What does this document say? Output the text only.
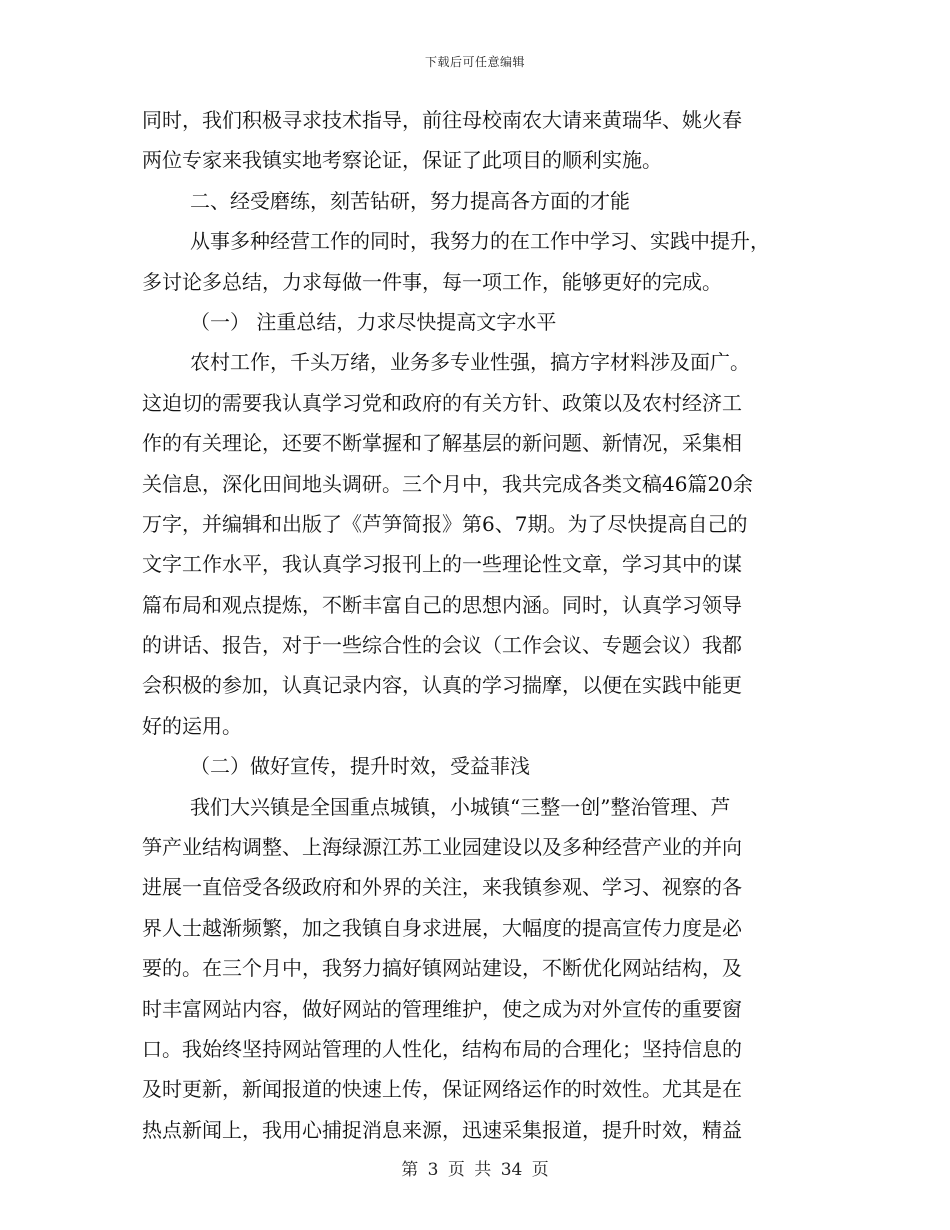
下载后可任意编辑
同时，我们积极寻求技术指导，前往母校南农大请来黄瑞华、姚火春
两位专家来我镇实地考察论证，保证了此项目的顺利实施。
二、经受磨练，刻苦钻研，努力提高各方面的才能
从事多种经营工作的同时，我努力的在工作中学习、实践中提升，
多讨论多总结，力求每做一件事，每一项工作，能够更好的完成。
（一） 注重总结，力求尽快提高文字水平
农村工作，千头万绪，业务多专业性强，搞方字材料涉及面广。
这迫切的需要我认真学习党和政府的有关方针、政策以及农村经济工
作的有关理论，还要不断掌握和了解基层的新问题、新情况，采集相
关信息，深化田间地头调研。三个月中，我共完成各类文稿46篇20余
万字，并编辑和出版了《芦笋简报》第6、7期。为了尽快提高自己的
文字工作水平，我认真学习报刊上的一些理论性文章，学习其中的谋
篇布局和观点提炼，不断丰富自己的思想内涵。同时，认真学习领导
的讲话、报告，对于一些综合性的会议（工作会议、专题会议）我都
会积极的参加，认真记录内容，认真的学习揣摩，以便在实践中能更
好的运用。
（二）做好宣传，提升时效，受益菲浅
我们大兴镇是全国重点城镇，小城镇“三整一创”整治管理、芦
笋产业结构调整、上海绿源江苏工业园建设以及多种经营产业的并向
进展一直倍受各级政府和外界的关注，来我镇参观、学习、视察的各
界人士越渐频繁，加之我镇自身求进展，大幅度的提高宣传力度是必
要的。在三个月中，我努力搞好镇网站建设，不断优化网站结构，及
时丰富网站内容，做好网站的管理维护，使之成为对外宣传的重要窗
口。我始终坚持网站管理的人性化，结构布局的合理化；坚持信息的
及时更新，新闻报道的快速上传，保证网络运作的时效性。尤其是在
热点新闻上，我用心捕捉消息来源，迅速采集报道，提升时效，精益
第 3 页 共 34 页
